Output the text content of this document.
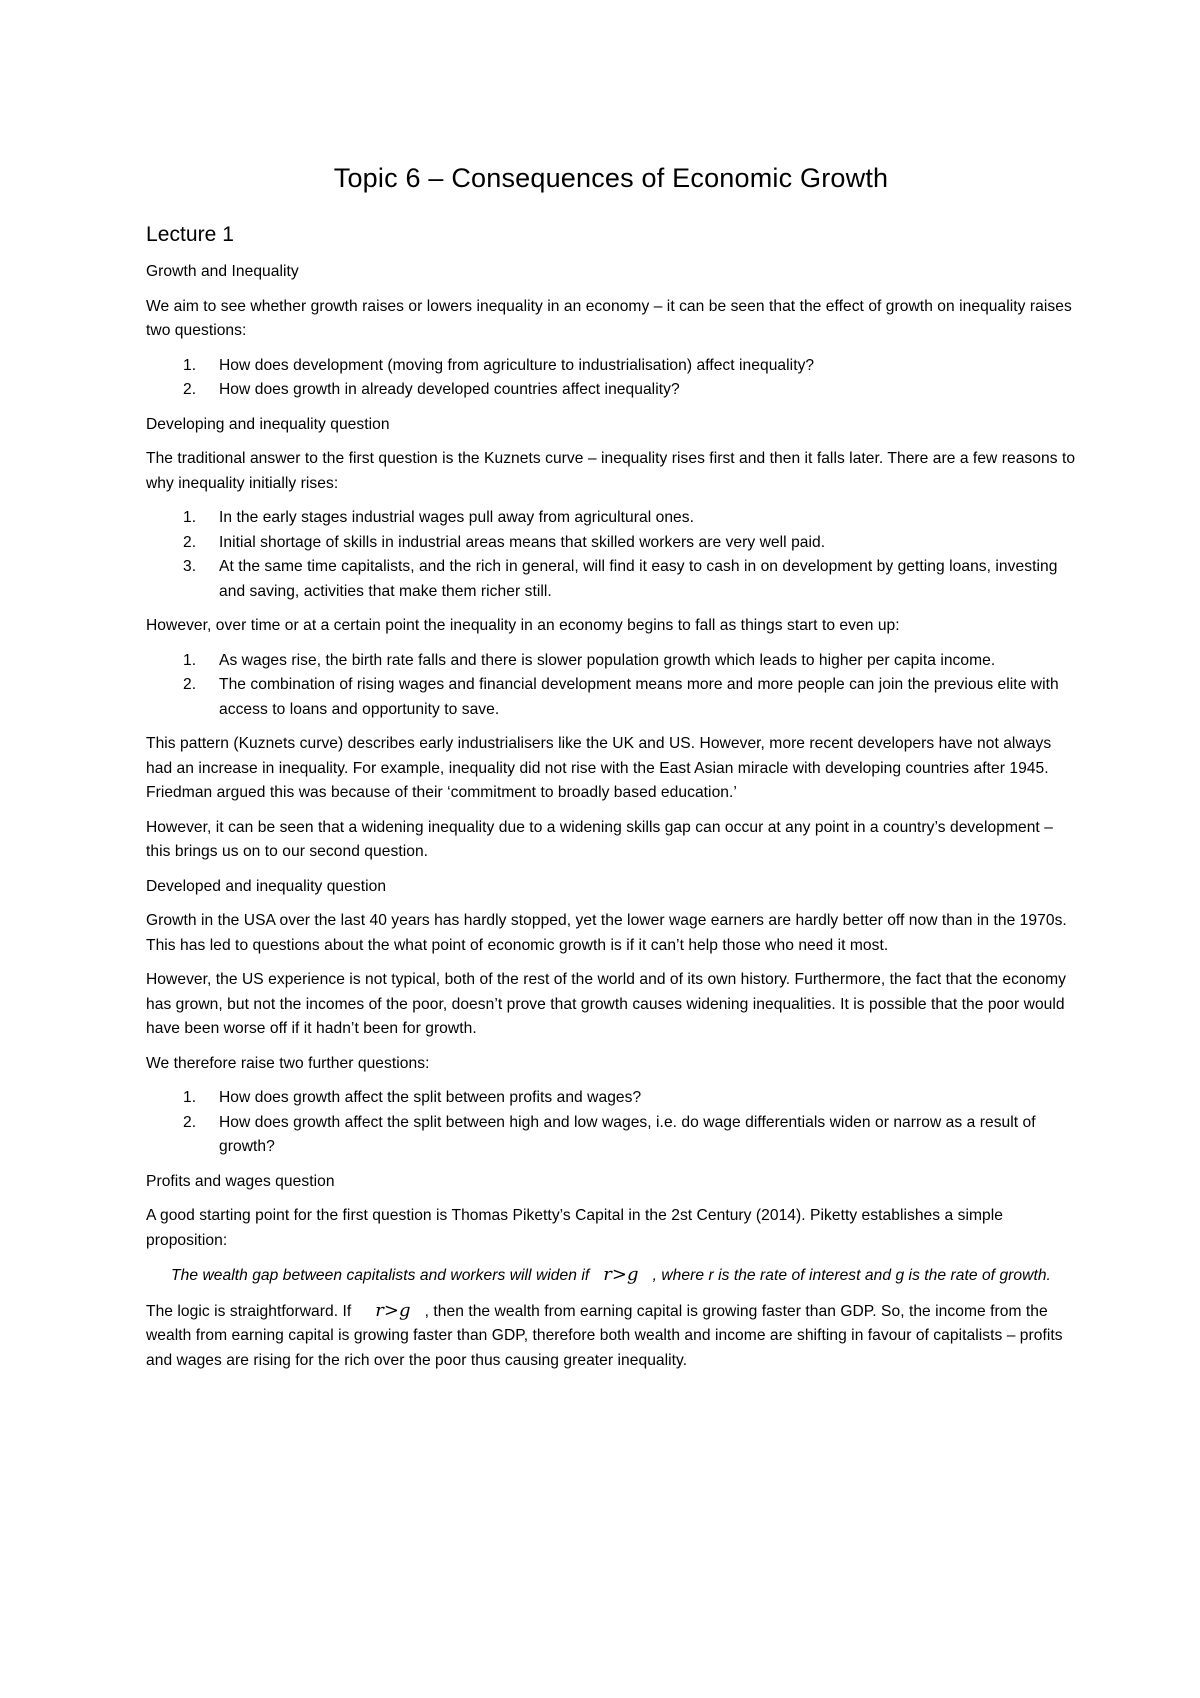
Topic 6 – Consequences of Economic Growth
Lecture 1
Growth and Inequality

We aim to see whether growth raises or lowers inequality in an economy – it can be seen that the effect of growth on inequality raises two questions:

1. How does development (moving from agriculture to industrialisation) affect inequality?
2. How does growth in already developed countries affect inequality?
Developing and inequality question

The traditional answer to the first question is the Kuznets curve – inequality rises first and then it falls later. There are a few reasons to why inequality initially rises:

1. In the early stages industrial wages pull away from agricultural ones.
2. Initial shortage of skills in industrial areas means that skilled workers are very well paid.
3. At the same time capitalists, and the rich in general, will find it easy to cash in on development by getting loans, investing and saving, activities that make them richer still.

However, over time or at a certain point the inequality in an economy begins to fall as things start to even up:

1. As wages rise, the birth rate falls and there is slower population growth which leads to higher per capita income.
2. The combination of rising wages and financial development means more and more people can join the previous elite with access to loans and opportunity to save.

This pattern (Kuznets curve) describes early industrialisers like the UK and US. However, more recent developers have not always had an increase in inequality. For example, inequality did not rise with the East Asian miracle with developing countries after 1945. Friedman argued this was because of their ‘commitment to broadly based education.’

However, it can be seen that a widening inequality due to a widening skills gap can occur at any point in a country’s development – this brings us on to our second question.

Developed and inequality question

Growth in the USA over the last 40 years has hardly stopped, yet the lower wage earners are hardly better off now than in the 1970s. This has led to questions about the what point of economic growth is if it can’t help those who need it most.

However, the US experience is not typical, both of the rest of the world and of its own history. Furthermore, the fact that the economy has grown, but not the incomes of the poor, doesn’t prove that growth causes widening inequalities. It is possible that the poor would have been worse off if it hadn’t been for growth.

We therefore raise two further questions:

1. How does growth affect the split between profits and wages?
2. How does growth affect the split between high and low wages, i.e. do wage differentials widen or narrow as a result of growth?
Profits and wages question

A good starting point for the first question is Thomas Piketty’s Capital in the 2st Century (2014). Piketty establishes a simple proposition:

The wealth gap between capitalists and workers will widen if r>g , where r is the rate of interest and g is the rate of growth.

The logic is straightforward. If r>g , then the wealth from earning capital is growing faster than GDP. So, the income from the wealth from earning capital is growing faster than GDP, therefore both wealth and income are shifting in favour of capitalists – profits and wages are rising for the rich over the poor thus causing greater inequality.
